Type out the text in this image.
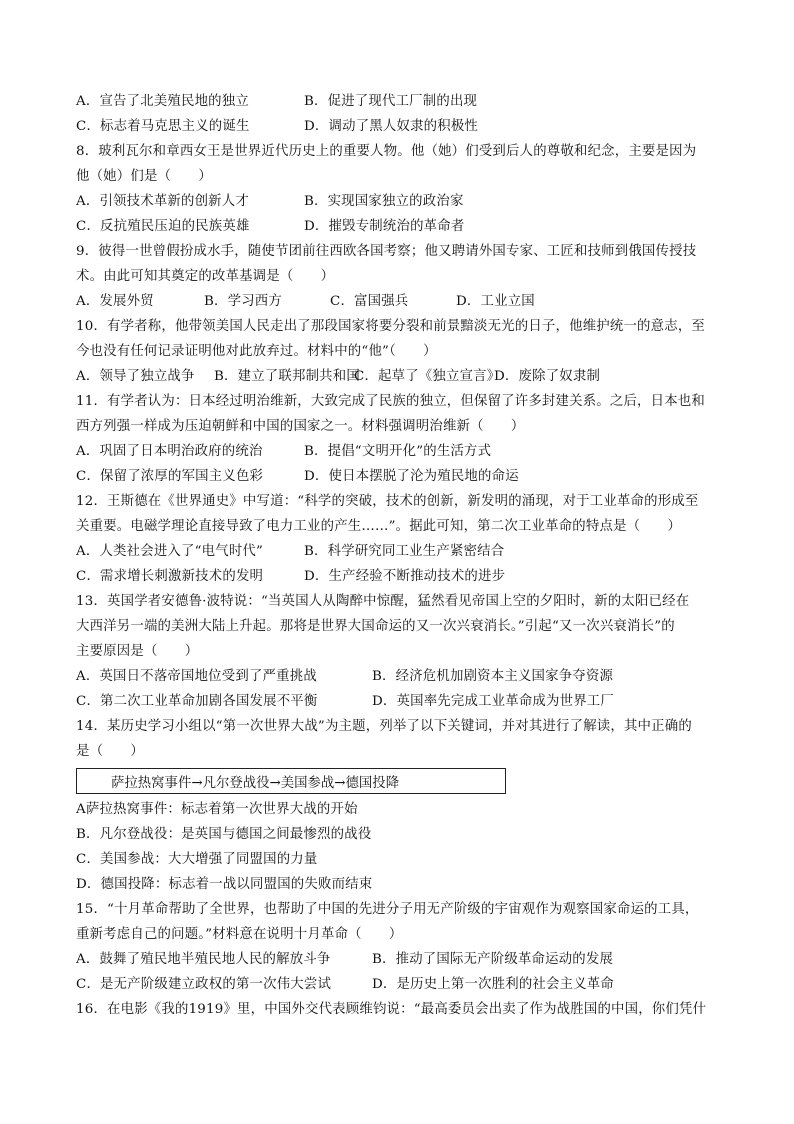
A．宣告了北美殖民地的独立	B．促进了现代工厂制的出现
C．标志着马克思主义的诞生	D．调动了黑人奴隶的积极性
8．玻利瓦尔和章西女王是世界近代历史上的重要人物。他（她）们受到后人的尊敬和纪念，主要是因为
他（她）们是（　　）
A．引领技术革新的创新人才	B．实现国家独立的政治家
C．反抗殖民压迫的民族英雄	D．摧毁专制统治的革命者
9．彼得一世曾假扮成水手，随使节团前往西欧各国考察；他又聘请外国专家、工匠和技师到俄国传授技
术。由此可知其奠定的改革基调是（　　）
A．发展外贸	B．学习西方	C．富国强兵	D．工业立国
10．有学者称，他带领美国人民走出了那段国家将要分裂和前景黯淡无光的日子，他维护统一的意志，至
今也没有任何记录证明他对此放弃过。材料中的“他”（　　）
A．领导了独立战争 B．建立了联邦制共和国
C．起草了《独立宣言》
D．废除了奴隶制
11．有学者认为：日本经过明治维新，大致完成了民族的独立，但保留了许多封建关系。之后，日本也和
西方列强一样成为压迫朝鲜和中国的国家之一。材料强调明治维新（　　）
A．巩固了日本明治政府的统治	B．提倡“文明开化”的生活方式
C．保留了浓厚的军国主义色彩	D．使日本摆脱了沦为殖民地的命运
12．王斯德在《世界通史》中写道：“科学的突破，技术的创新，新发明的涌现，对于工业革命的形成至
关重要。电磁学理论直接导致了电力工业的产生……”。据此可知，第二次工业革命的特点是（　　）
A．人类社会进入了“电气时代”	B．科学研究同工业生产紧密结合
C．需求增长刺激新技术的发明	D．生产经验不断推动技术的进步
13．英国学者安德鲁·波特说：“当英国人从陶醉中惊醒，猛然看见帝国上空的夕阳时，新的太阳已经在
大西洋另一端的美洲大陆上升起。那将是世界大国命运的又一次兴衰消长。”引起“又一次兴衰消长”的
主要原因是（　　）
A．英国日不落帝国地位受到了严重挑战	B．经济危机加剧资本主义国家争夺资源
C．第二次工业革命加剧各国发展不平衡	D．英国率先完成工业革命成为世界工厂
14．某历史学习小组以“第一次世界大战”为主题，列举了以下关键词，并对其进行了解读，其中正确的
是（　　）
萨拉热窝事件→凡尔登战役→美国参战→德国投降
A萨拉热窝事件：标志着第一次世界大战的开始
B．凡尔登战役：是英国与德国之间最惨烈的战役
C．美国参战：大大增强了同盟国的力量
D．德国投降：标志着一战以同盟国的失败而结束
15．“十月革命帮助了全世界，也帮助了中国的先进分子用无产阶级的宇宙观作为观察国家命运的工具，
重新考虑自己的问题。”材料意在说明十月革命（　　）
A．鼓舞了殖民地半殖民地人民的解放斗争	B．推动了国际无产阶级革命运动的发展
C．是无产阶级建立政权的第一次伟大尝试	D．是历史上第一次胜利的社会主义革命
16．在电影《我的1919》里，中国外交代表顾维钧说：“最高委员会出卖了作为战胜国的中国，你们凭什
